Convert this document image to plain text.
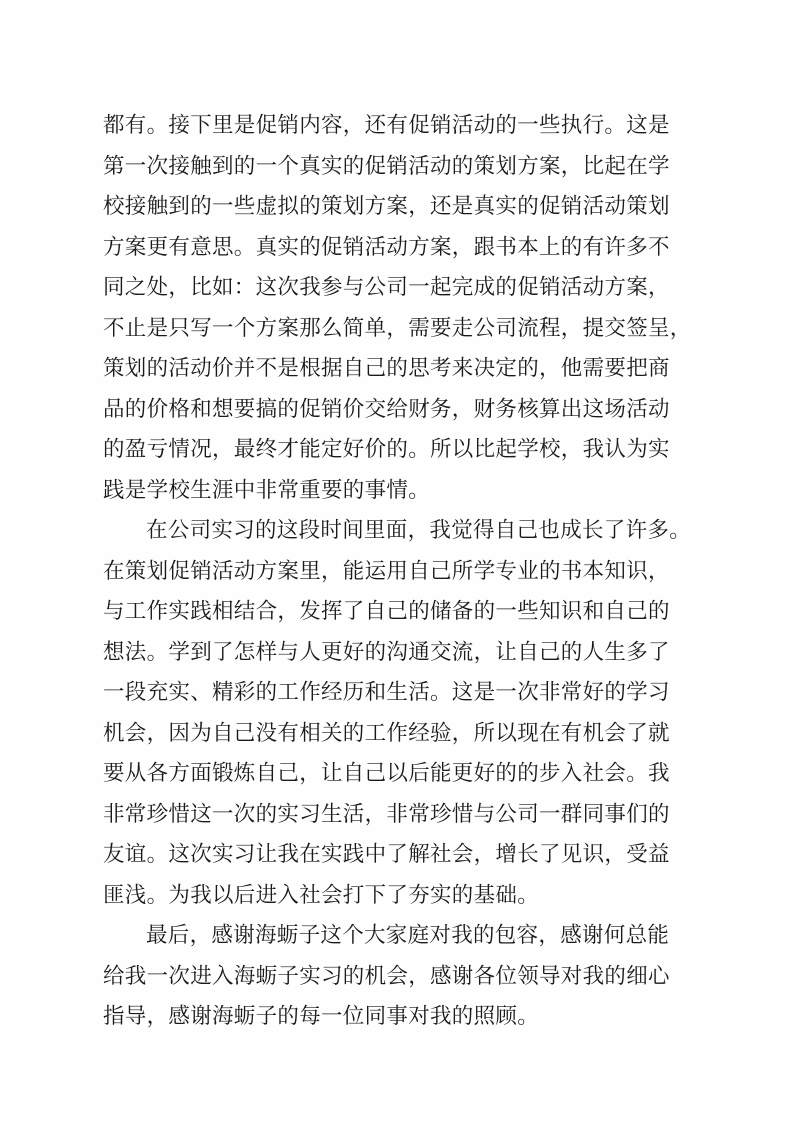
都有。接下里是促销内容，还有促销活动的一些执行。这是
第一次接触到的一个真实的促销活动的策划方案，比起在学
校接触到的一些虚拟的策划方案，还是真实的促销活动策划
方案更有意思。真实的促销活动方案，跟书本上的有许多不
同之处，比如：这次我参与公司一起完成的促销活动方案，
不止是只写一个方案那么简单，需要走公司流程，提交签呈，
策划的活动价并不是根据自己的思考来决定的，他需要把商
品的价格和想要搞的促销价交给财务，财务核算出这场活动
的盈亏情况，最终才能定好价的。所以比起学校，我认为实
践是学校生涯中非常重要的事情。
在公司实习的这段时间里面，我觉得自己也成长了许多。
在策划促销活动方案里，能运用自己所学专业的书本知识，
与工作实践相结合，发挥了自己的储备的一些知识和自己的
想法。学到了怎样与人更好的沟通交流，让自己的人生多了
一段充实、精彩的工作经历和生活。这是一次非常好的学习
机会，因为自己没有相关的工作经验，所以现在有机会了就
要从各方面锻炼自己，让自己以后能更好的的步入社会。我
非常珍惜这一次的实习生活，非常珍惜与公司一群同事们的
友谊。这次实习让我在实践中了解社会，增长了见识，受益
匪浅。为我以后进入社会打下了夯实的基础。
最后，感谢海蛎子这个大家庭对我的包容，感谢何总能
给我一次进入海蛎子实习的机会，感谢各位领导对我的细心
指导，感谢海蛎子的每一位同事对我的照顾。
